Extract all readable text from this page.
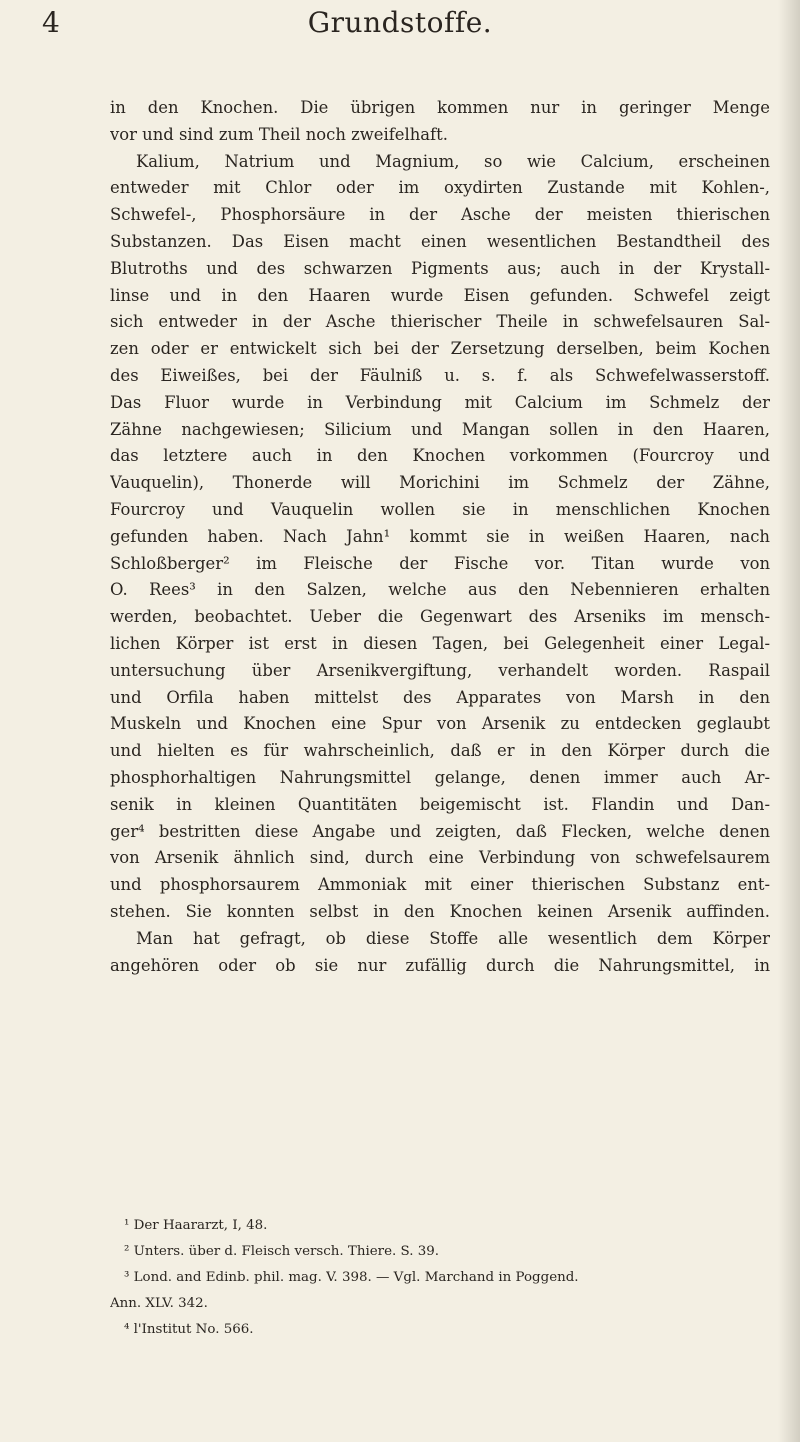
4	Grundstoffe.
in den Knochen. Die übrigen kommen nur in geringer Menge
vor und sind zum Theil noch zweifelhaft.
Kalium, Natrium und Magnium, so wie Calcium, erscheinen
entweder mit Chlor oder im oxydirten Zustande mit Kohlen-,
Schwefel-, Phosphorsäure in der Asche der meisten thierischen
Substanzen. Das Eisen macht einen wesentlichen Bestandtheil des
Blutroths und des schwarzen Pigments aus; auch in der Krystall-
linse und in den Haaren wurde Eisen gefunden. Schwefel zeigt
sich entweder in der Asche thierischer Theile in schwefelsauren Sal-
zen oder er entwickelt sich bei der Zersetzung derselben, beim Kochen
des Eiweißes, bei der Fäulniß u. s. f. als Schwefelwasserstoff.
Das Fluor wurde in Verbindung mit Calcium im Schmelz der
Zähne nachgewiesen; Silicium und Mangan sollen in den Haaren,
das letztere auch in den Knochen vorkommen (Fourcroy und
Vauquelin), Thonerde will Morichini im Schmelz der Zähne,
Fourcroy und Vauquelin wollen sie in menschlichen Knochen
gefunden haben. Nach Jahn¹ kommt sie in weißen Haaren, nach
Schloßberger² im Fleische der Fische vor. Titan wurde von
O. Rees³ in den Salzen, welche aus den Nebennieren erhalten
werden, beobachtet. Ueber die Gegenwart des Arseniks im mensch-
lichen Körper ist erst in diesen Tagen, bei Gelegenheit einer Legal-
untersuchung über Arsenikvergiftung, verhandelt worden. Raspail
und Orfila haben mittelst des Apparates von Marsh in den
Muskeln und Knochen eine Spur von Arsenik zu entdecken geglaubt
und hielten es für wahrscheinlich, daß er in den Körper durch die
phosphorhaltigen Nahrungsmittel gelange, denen immer auch Ar-
senik in kleinen Quantitäten beigemischt ist. Flandin und Dan-
ger⁴ bestritten diese Angabe und zeigten, daß Flecken, welche denen
von Arsenik ähnlich sind, durch eine Verbindung von schwefelsaurem
und phosphorsaurem Ammoniak mit einer thierischen Substanz ent-
stehen. Sie konnten selbst in den Knochen keinen Arsenik auffinden.
Man hat gefragt, ob diese Stoffe alle wesentlich dem Körper
angehören oder ob sie nur zufällig durch die Nahrungsmittel, in
¹ Der Haararzt, I, 48.
² Unters. über d. Fleisch versch. Thiere. S. 39.
³ Lond. and Edinb. phil. mag. V. 398. — Vgl. Marchand in Poggend.
Ann. XLV. 342.
⁴ l'Institut No. 566.
